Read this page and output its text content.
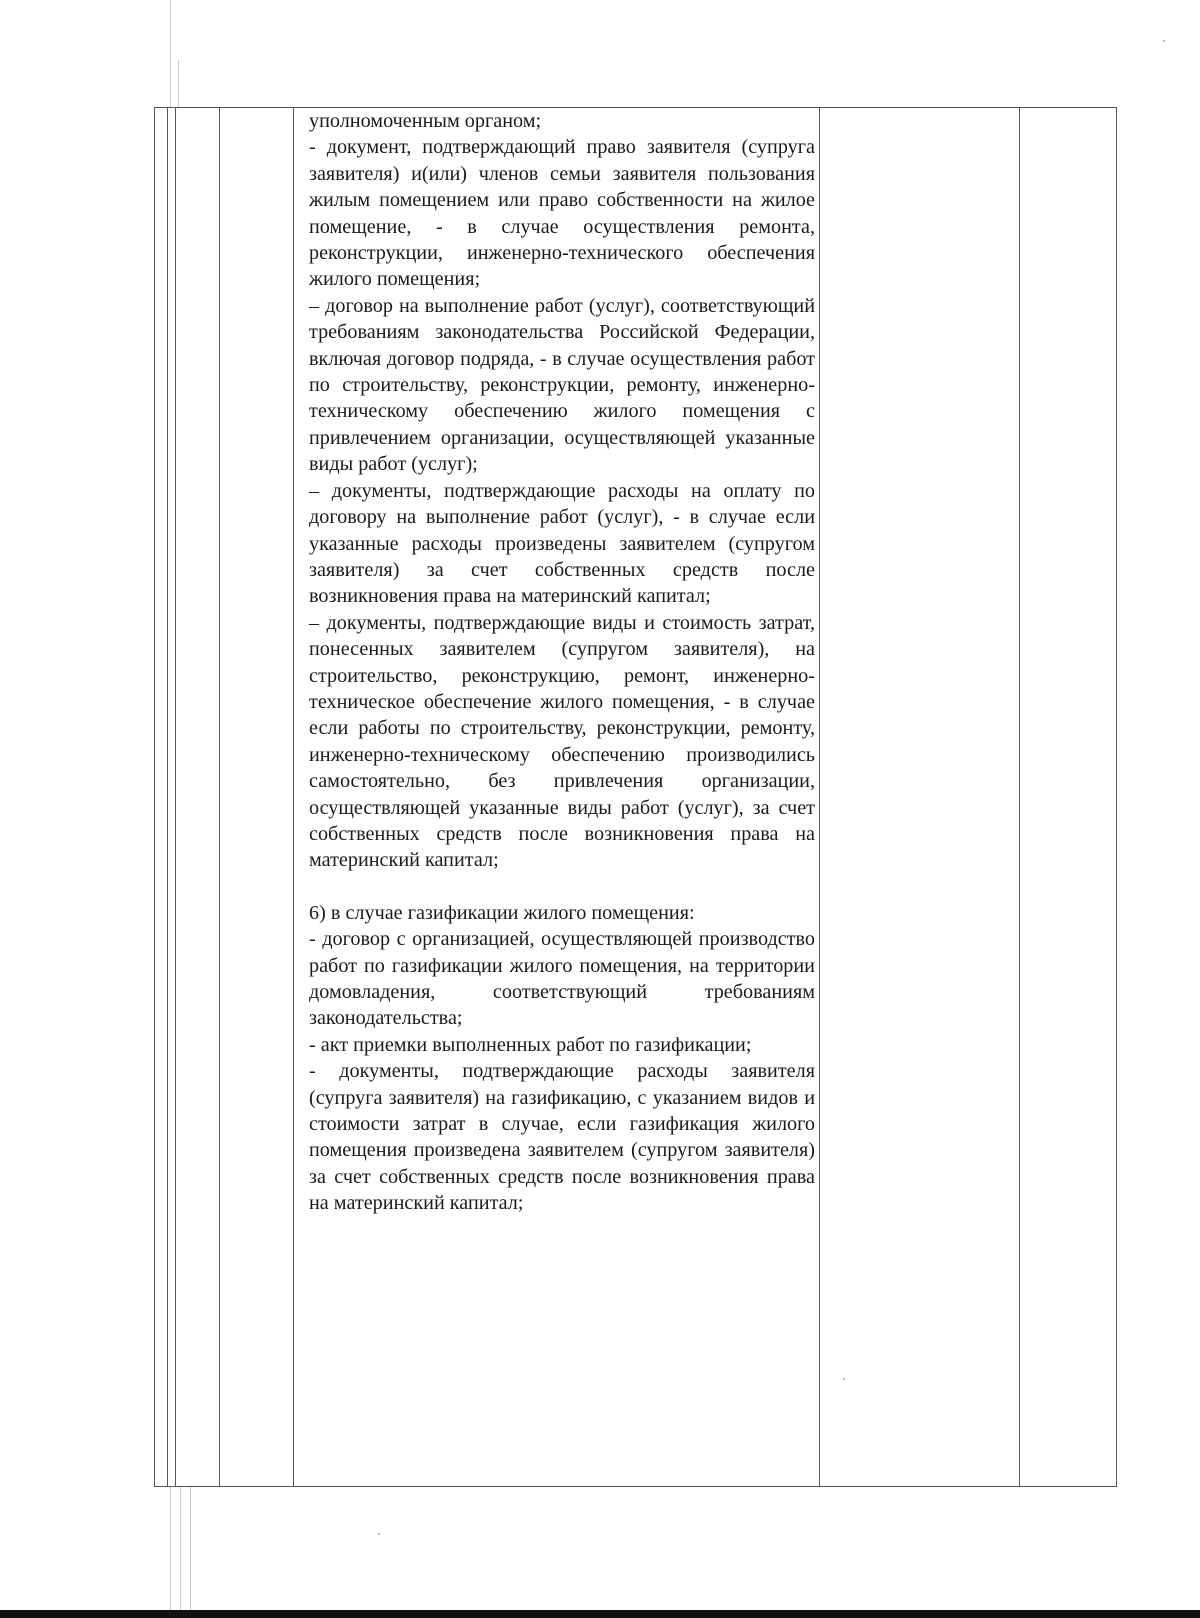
уполномоченным органом;

- документ, подтверждающий право заявителя (супруга заявителя) и(или) членов семьи заявителя пользования жилым помещением или право собственности на жилое помещение, - в случае осуществления ремонта, реконструкции, инженерно-технического обеспечения жилого помещения;

– договор на выполнение работ (услуг), соответствующий требованиям законодательства Российской Федерации, включая договор подряда, - в случае осуществления работ по строительству, реконструкции, ремонту, инженерно-техническому обеспечению жилого помещения с привлечением организации, осуществляющей указанные виды работ (услуг);

– документы, подтверждающие расходы на оплату по договору на выполнение работ (услуг), - в случае если указанные расходы произведены заявителем (супругом заявителя) за счет собственных средств после возникновения права на материнский капитал;

– документы, подтверждающие виды и стоимость затрат, понесенных заявителем (супругом заявителя), на строительство, реконструкцию, ремонт, инженерно-техническое обеспечение жилого помещения, - в случае если работы по строительству, реконструкции, ремонту, инженерно-техническому обеспечению производились самостоятельно, без привлечения организации, осуществляющей указанные виды работ (услуг), за счет собственных средств после возникновения права на материнский капитал;

6) в случае газификации жилого помещения:

- договор с организацией, осуществляющей производство работ по газификации жилого помещения, на территории домовладения, соответствующий требованиям законодательства;

- акт приемки выполненных работ по газификации;

- документы, подтверждающие расходы заявителя (супруга заявителя) на газификацию, с указанием видов и стоимости затрат в случае, если газификация жилого помещения произведена заявителем (супругом заявителя) за счет собственных средств после возникновения права на материнский капитал;
